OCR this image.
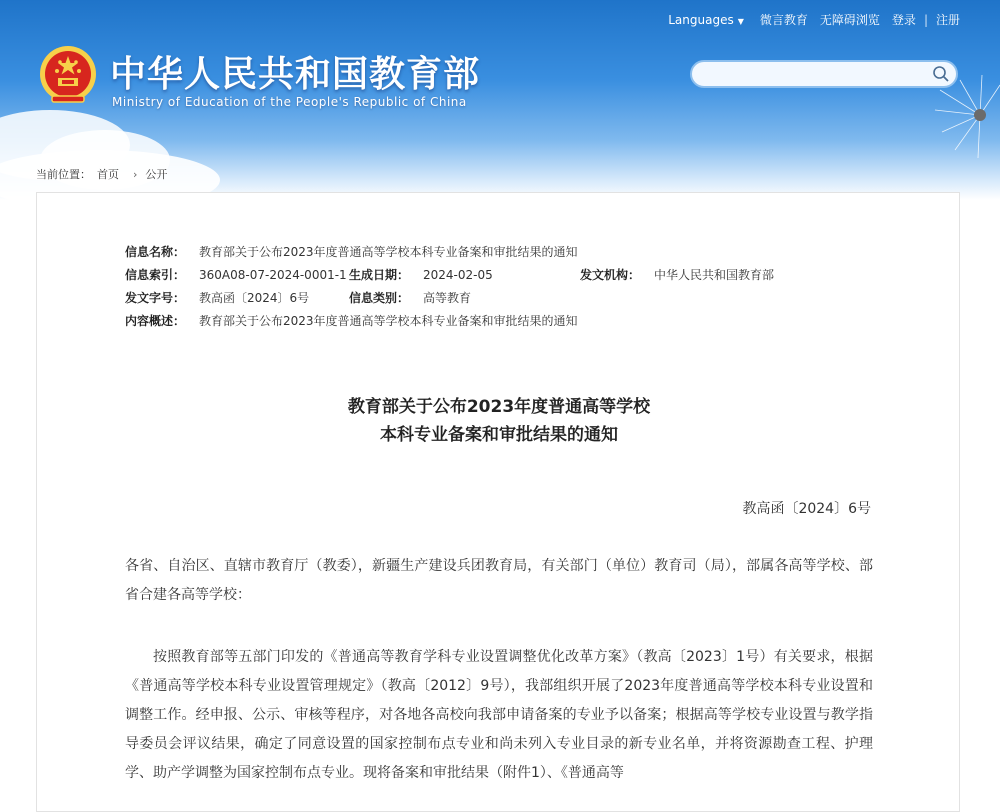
中华人民共和国教育部
Ministry of Education of the People's Republic of China
Languages ▼ 微言教育 无障碍浏览 登录 | 注册
当前位置： 首页 › 公开
信息名称： 教育部关于公布2023年度普通高等学校本科专业备案和审批结果的通知
信息索引： 360A08-07-2024-0001-1 生成日期： 2024-02-05	发文机构： 中华人民共和国教育部
发文字号： 教高函〔2024〕6号	信息类别： 高等教育
内容概述： 教育部关于公布2023年度普通高等学校本科专业备案和审批结果的通知
教育部关于公布2023年度普通高等学校
本科专业备案和审批结果的通知
教高函〔2024〕6号

各省、自治区、直辖市教育厅（教委），新疆生产建设兵团教育局，有关部门（单位）教育司（局），部属各高等学校、部省合建各高等学校：

按照教育部等五部门印发的《普通高等教育学科专业设置调整优化改革方案》（教高〔2023〕1号）有关要求，根据《普通高等学校本科专业设置管理规定》（教高〔2012〕9号），我部组织开展了2023年度普通高等学校本科专业设置和调整工作。经申报、公示、审核等程序，对各地各高校向我部申请备案的专业予以备案；根据高等学校专业设置与教学指导委员会评议结果，确定了同意设置的国家控制布点专业和尚未列入专业目录的新专业名单，并将资源勘查工程、护理学、助产学调整为国家控制布点专业。现将备案和审批结果（附件1）、《普通高等
